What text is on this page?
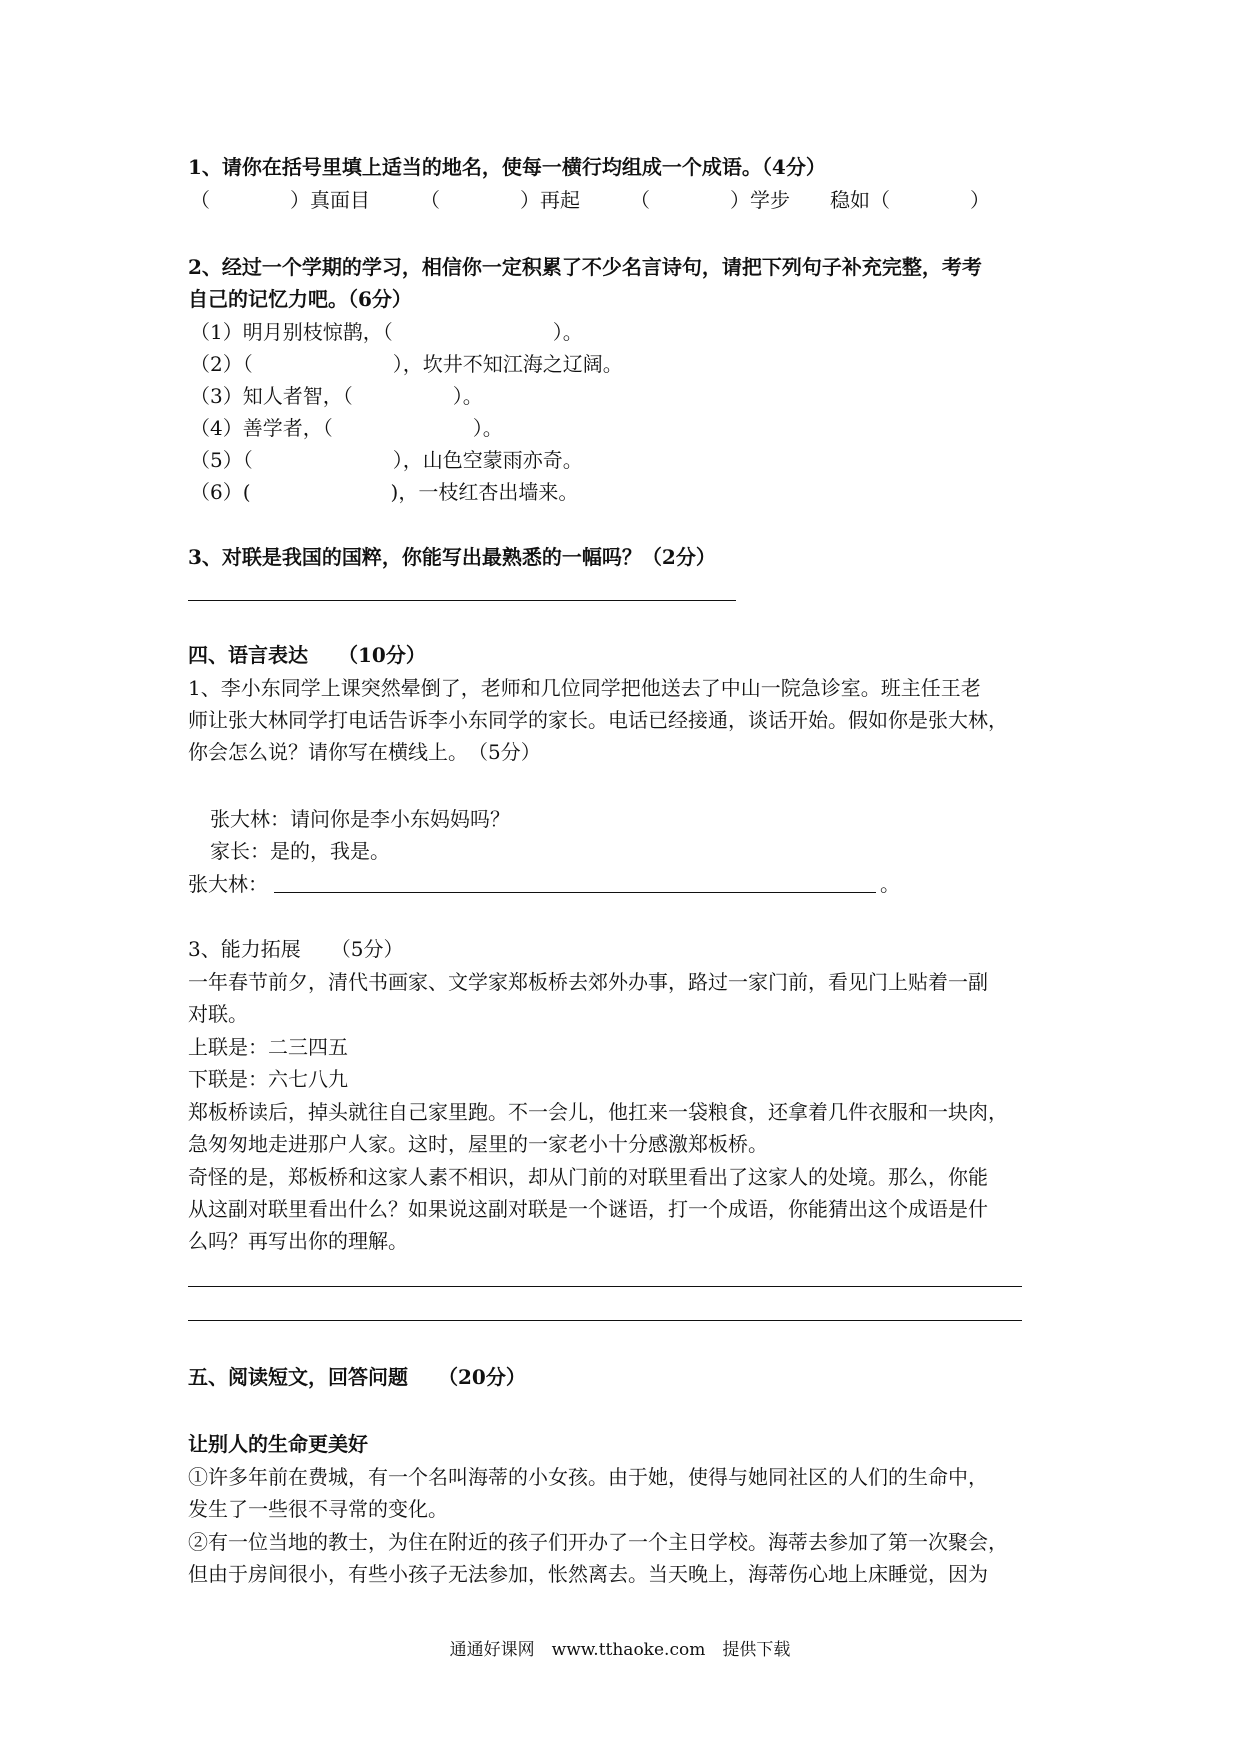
1、请你在括号里填上适当的地名，使每一横行均组成一个成语。（4分）
（　　　　）真面目　　　（　　　　）再起　　　（　　　　）学步　　稳如（　　　　）
2、经过一个学期的学习，相信你一定积累了不少名言诗句，请把下列句子补充完整，考考
自己的记忆力吧。（6分）
（1）明月别枝惊鹊，（　　　　　　　　）。
（2）（　　　　　　　），坎井不知江海之辽阔。
（3）知人者智，（　　　　　）。
（4）善学者，（　　　　　　　）。
（5）（　　　　　　　），山色空蒙雨亦奇。
（6）(　　　　　　　)，一枝红杏出墙来。
3、对联是我国的国粹，你能写出最熟悉的一幅吗？（2分）
四、语言表达　　（10分）
1、李小东同学上课突然晕倒了，老师和几位同学把他送去了中山一院急诊室。班主任王老
师让张大林同学打电话告诉李小东同学的家长。电话已经接通，谈话开始。假如你是张大林，
你会怎么说？请你写在横线上。　（5分）
张大林：请问你是李小东妈妈吗？
家长：是的，我是。
张大林：	。
3、能力拓展　　（5分）
一年春节前夕，清代书画家、文学家郑板桥去郊外办事，路过一家门前，看见门上贴着一副
对联。
上联是：二三四五
下联是：六七八九
郑板桥读后，掉头就往自己家里跑。不一会儿，他扛来一袋粮食，还拿着几件衣服和一块肉，
急匆匆地走进那户人家。这时，屋里的一家老小十分感激郑板桥。
奇怪的是，郑板桥和这家人素不相识，却从门前的对联里看出了这家人的处境。那么，你能
从这副对联里看出什么？如果说这副对联是一个谜语，打一个成语，你能猜出这个成语是什
么吗？再写出你的理解。
五、阅读短文，回答问题　　（20分）
让别人的生命更美好
①许多年前在费城，有一个名叫海蒂的小女孩。由于她，使得与她同社区的人们的生命中，
发生了一些很不寻常的变化。
②有一位当地的教士，为住在附近的孩子们开办了一个主日学校。海蒂去参加了第一次聚会，
但由于房间很小，有些小孩子无法参加，怅然离去。当天晚上，海蒂伤心地上床睡觉，因为
通通好课网　www.tthaoke.com　提供下载
